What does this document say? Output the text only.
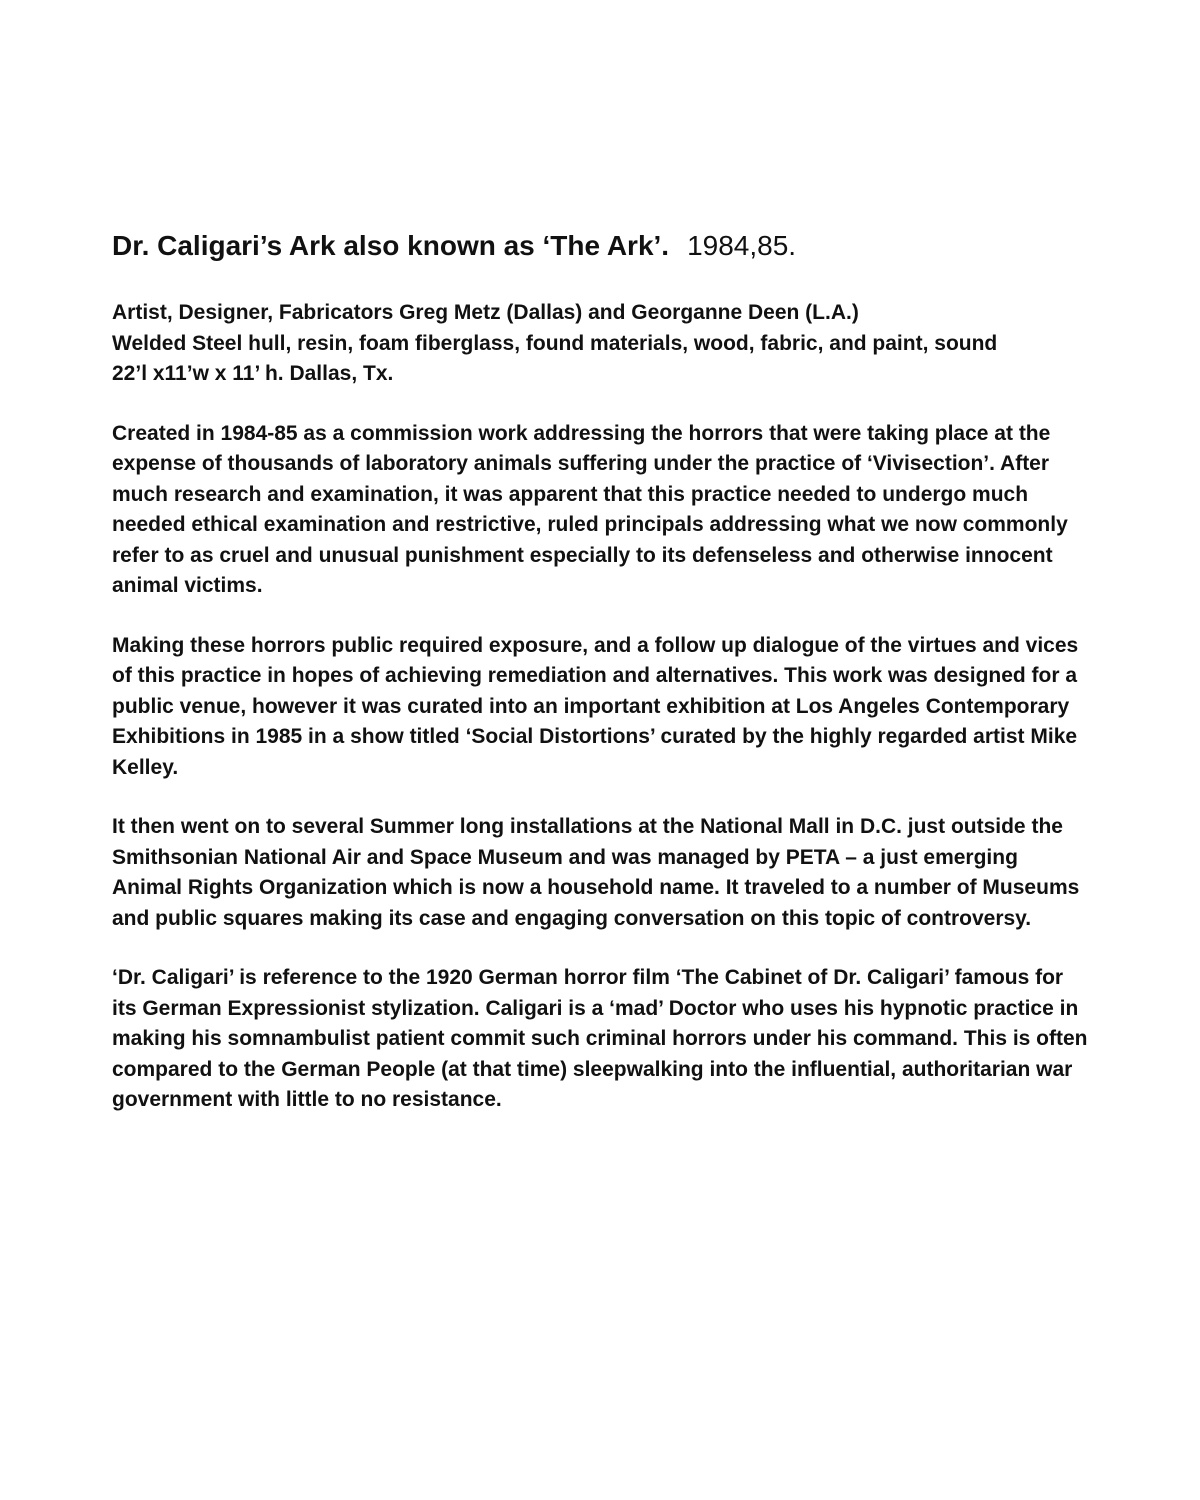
Dr. Caligari’s Ark also known as ‘The Ark’. 1984,85.
Artist, Designer, Fabricators Greg Metz (Dallas) and Georganne Deen (L.A.)
Welded Steel hull, resin, foam fiberglass, found materials, wood, fabric, and paint, sound
22’l x11’w x 11’ h. Dallas, Tx.

Created in 1984-85 as a commission work addressing the horrors that were taking place at the expense of thousands of laboratory animals suffering under the practice of ‘Vivisection’. After much research and examination, it was apparent that this practice needed to undergo much needed ethical examination and restrictive, ruled principals addressing what we now commonly refer to as cruel and unusual punishment especially to its defenseless and otherwise innocent animal victims.

Making these horrors public required exposure, and a follow up dialogue of the virtues and vices of this practice in hopes of achieving remediation and alternatives. This work was designed for a public venue, however it was curated into an important exhibition at Los Angeles Contemporary Exhibitions in 1985 in a show titled ‘Social Distortions’ curated by the highly regarded artist Mike Kelley.

It then went on to several Summer long installations at the National Mall in D.C. just outside the Smithsonian National Air and Space Museum and was managed by PETA – a just emerging Animal Rights Organization which is now a household name. It traveled to a number of Museums and public squares making its case and engaging conversation on this topic of controversy.

‘Dr. Caligari’ is reference to the 1920 German horror film ‘The Cabinet of Dr. Caligari’ famous for its German Expressionist stylization. Caligari is a ‘mad’ Doctor who uses his hypnotic practice in making his somnambulist patient commit such criminal horrors under his command. This is often compared to the German People (at that time) sleepwalking into the influential, authoritarian war government with little to no resistance.
